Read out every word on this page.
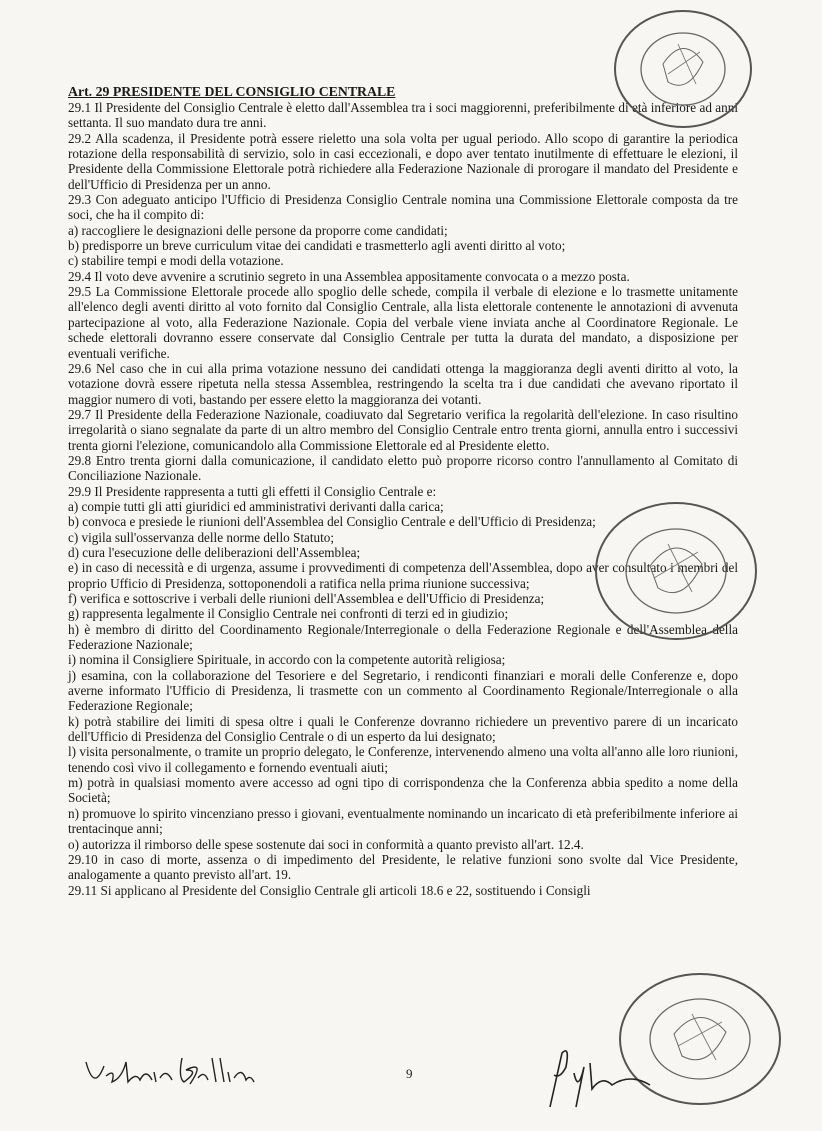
Art. 29 PRESIDENTE DEL CONSIGLIO CENTRALE

29.1 Il Presidente del Consiglio Centrale è eletto dall'Assemblea tra i soci maggiorenni, preferibilmente di età inferiore ad anni settanta. Il suo mandato dura tre anni.

29.2 Alla scadenza, il Presidente potrà essere rieletto una sola volta per ugual periodo. Allo scopo di garantire la periodica rotazione della responsabilità di servizio, solo in casi eccezionali, e dopo aver tentato inutilmente di effettuare le elezioni, il Presidente della Commissione Elettorale potrà richiedere alla Federazione Nazionale di prorogare il mandato del Presidente e dell'Ufficio di Presidenza per un anno.

29.3 Con adeguato anticipo l'Ufficio di Presidenza Consiglio Centrale nomina una Commissione Elettorale composta da tre soci, che ha il compito di:

a) raccogliere le designazioni delle persone da proporre come candidati;

b) predisporre un breve curriculum vitae dei candidati e trasmetterlo agli aventi diritto al voto;

c) stabilire tempi e modi della votazione.

29.4 Il voto deve avvenire a scrutinio segreto in una Assemblea appositamente convocata o a mezzo posta.

29.5 La Commissione Elettorale procede allo spoglio delle schede, compila il verbale di elezione e lo trasmette unitamente all'elenco degli aventi diritto al voto fornito dal Consiglio Centrale, alla lista elettorale contenente le annotazioni di avvenuta partecipazione al voto, alla Federazione Nazionale. Copia del verbale viene inviata anche al Coordinatore Regionale. Le schede elettorali dovranno essere conservate dal Consiglio Centrale per tutta la durata del mandato, a disposizione per eventuali verifiche.

29.6 Nel caso che in cui alla prima votazione nessuno dei candidati ottenga la maggioranza degli aventi diritto al voto, la votazione dovrà essere ripetuta nella stessa Assemblea, restringendo la scelta tra i due candidati che avevano riportato il maggior numero di voti, bastando per essere eletto la maggioranza dei votanti.

29.7 Il Presidente della Federazione Nazionale, coadiuvato dal Segretario verifica la regolarità dell'elezione. In caso risultino irregolarità o siano segnalate da parte di un altro membro del Consiglio Centrale entro trenta giorni, annulla entro i successivi trenta giorni l'elezione, comunicandolo alla Commissione Elettorale ed al Presidente eletto.

29.8 Entro trenta giorni dalla comunicazione, il candidato eletto può proporre ricorso contro l'annullamento al Comitato di Conciliazione Nazionale.

29.9 Il Presidente rappresenta a tutti gli effetti il Consiglio Centrale e:

a) compie tutti gli atti giuridici ed amministrativi derivanti dalla carica;

b) convoca e presiede le riunioni dell'Assemblea del Consiglio Centrale e dell'Ufficio di Presidenza;

c) vigila sull'osservanza delle norme dello Statuto;

d) cura l'esecuzione delle deliberazioni dell'Assemblea;

e) in caso di necessità e di urgenza, assume i provvedimenti di competenza dell'Assemblea, dopo aver consultato i membri del proprio Ufficio di Presidenza, sottoponendoli a ratifica nella prima riunione successiva;

f) verifica e sottoscrive i verbali delle riunioni dell'Assemblea e dell'Ufficio di Presidenza;

g) rappresenta legalmente il Consiglio Centrale nei confronti di terzi ed in giudizio;

h) è membro di diritto del Coordinamento Regionale/Interregionale o della Federazione Regionale e dell'Assemblea della Federazione Nazionale;

i) nomina il Consigliere Spirituale, in accordo con la competente autorità religiosa;

j) esamina, con la collaborazione del Tesoriere e del Segretario, i rendiconti finanziari e morali delle Conferenze e, dopo averne informato l'Ufficio di Presidenza, li trasmette con un commento al Coordinamento Regionale/Interregionale o alla Federazione Regionale;

k) potrà stabilire dei limiti di spesa oltre i quali le Conferenze dovranno richiedere un preventivo parere di un incaricato dell'Ufficio di Presidenza del Consiglio Centrale o di un esperto da lui designato;

l) visita personalmente, o tramite un proprio delegato, le Conferenze, intervenendo almeno una volta all'anno alle loro riunioni, tenendo così vivo il collegamento e fornendo eventuali aiuti;

m) potrà in qualsiasi momento avere accesso ad ogni tipo di corrispondenza che la Conferenza abbia spedito a nome della Società;

n) promuove lo spirito vincenziano presso i giovani, eventualmente nominando un incaricato di età preferibilmente inferiore ai trentacinque anni;

o) autorizza il rimborso delle spese sostenute dai soci in conformità a quanto previsto all'art. 12.4.

29.10 in caso di morte, assenza o di impedimento del Presidente, le relative funzioni sono svolte dal Vice Presidente, analogamente a quanto previsto all'art. 19.

29.11 Si applicano al Presidente del Consiglio Centrale gli articoli 18.6 e 22, sostituendo i Consigli

9
